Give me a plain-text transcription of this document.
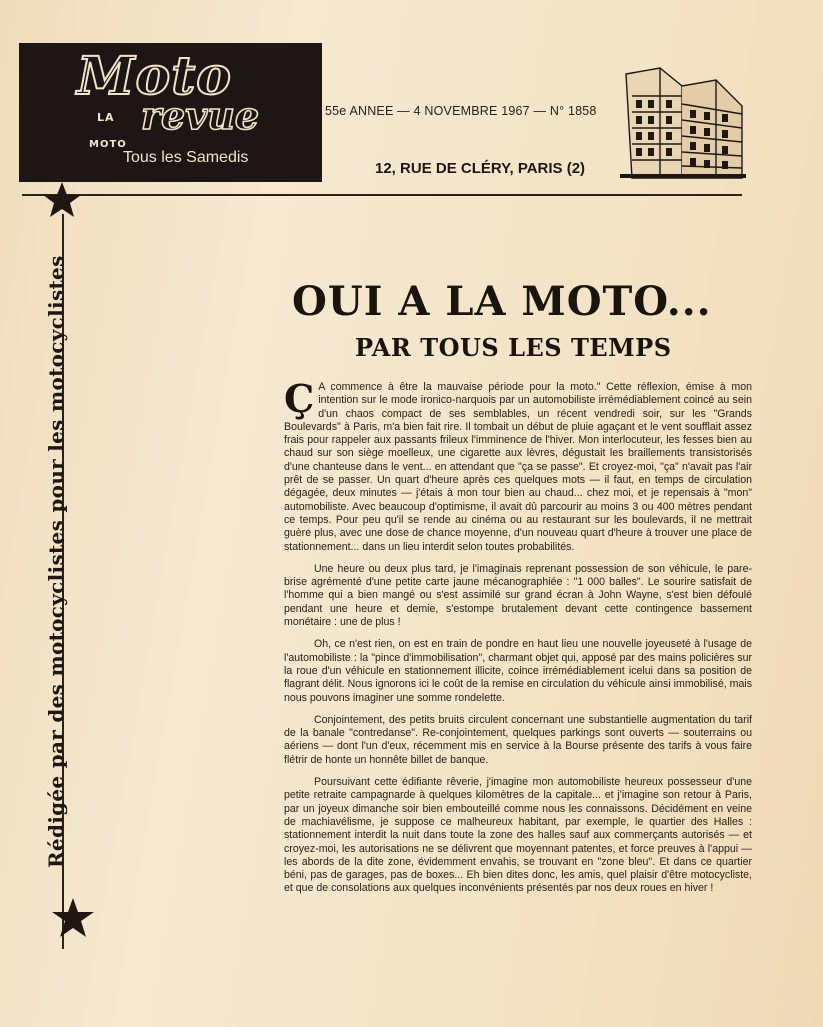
Moto
LA revue
MOTO
Tous les Samedis
55e ANNEE — 4 NOVEMBRE 1967 — N° 1858
12, RUE DE CLÉRY, PARIS (2)
Rédigée par des motocyclistes pour les motocyclistes	OUI A LA MOTO...
PAR TOUS LES TEMPS

Ç A commence à être la mauvaise période pour la moto." Cette réflexion, émise à mon intention sur le mode ironico-narquois par un automobiliste irrémédiablement coincé au sein d'un chaos compact de ses semblables, un récent vendredi soir, sur les "Grands Boulevards" à Paris, m'a bien fait rire. Il tombait un début de pluie agaçant et le vent soufflait assez frais pour rappeler aux passants frileux l'imminence de l'hiver. Mon interlocuteur, les fesses bien au chaud sur son siège moelleux, une cigarette aux lèvres, dégustait les braillements transistorisés d'une chanteuse dans le vent... en attendant que "ça se passe". Et croyez-moi, "ça" n'avait pas l'air prêt de se passer. Un quart d'heure après ces quelques mots — il faut, en temps de circulation dégagée, deux minutes — j'étais à mon tour bien au chaud... chez moi, et je repensais à "mon" automobiliste. Avec beaucoup d'optimisme, il avait dû parcourir au moins 3 ou 400 mètres pendant ce temps. Pour peu qu'il se rende au cinéma ou au restaurant sur les boulevards, il ne mettrait guère plus, avec une dose de chance moyenne, d'un nouveau quart d'heure à trouver une place de stationnement... dans un lieu interdit selon toutes probabilités.

Une heure ou deux plus tard, je l'imaginais reprenant possession de son véhicule, le pare-brise agrémenté d'une petite carte jaune mécanographiée : "1 000 balles". Le sourire satisfait de l'homme qui a bien mangé ou s'est assimilé sur grand écran à John Wayne, s'est bien défoulé pendant une heure et demie, s'estompe brutalement devant cette contingence bassement monétaire : une de plus !

Oh, ce n'est rien, on est en train de pondre en haut lieu une nouvelle joyeuseté à l'usage de l'automobiliste : la "pince d'immobilisation", charmant objet qui, apposé par des mains policières sur la roue d'un véhicule en stationnement illicite, coince irrémédiablement icelui dans sa position de flagrant délit. Nous ignorons ici le coût de la remise en circulation du véhicule ainsi immobilisé, mais nous pouvons imaginer une somme rondelette.

Conjointement, des petits bruits circulent concernant une substantielle augmentation du tarif de la banale "contredanse". Re-conjointement, quelques parkings sont ouverts — souterrains ou aériens — dont l'un d'eux, récemment mis en service à la Bourse présente des tarifs à vous faire flétrir de honte un honnête billet de banque.

Poursuivant cette édifiante rêverie, j'imagine mon automobiliste heureux possesseur d'une petite retraite campagnarde à quelques kilomètres de la capitale... et j'imagine son retour à Paris, par un joyeux dimanche soir bien embouteillé comme nous les connaissons. Décidément en veine de machiavélisme, je suppose ce malheureux habitant, par exemple, le quartier des Halles : stationnement interdit la nuit dans toute la zone des halles sauf aux commerçants autorisés — et croyez-moi, les autorisations ne se délivrent que moyennant patentes, et force preuves à l'appui — les abords de la dite zone, évidemment envahis, se trouvant en "zone bleu". Et dans ce quartier béni, pas de garages, pas de boxes... Eh bien dites donc, les amis, quel plaisir d'être motocycliste, et que de consolations aux quelques inconvénients présentés par nos deux roues en hiver !
